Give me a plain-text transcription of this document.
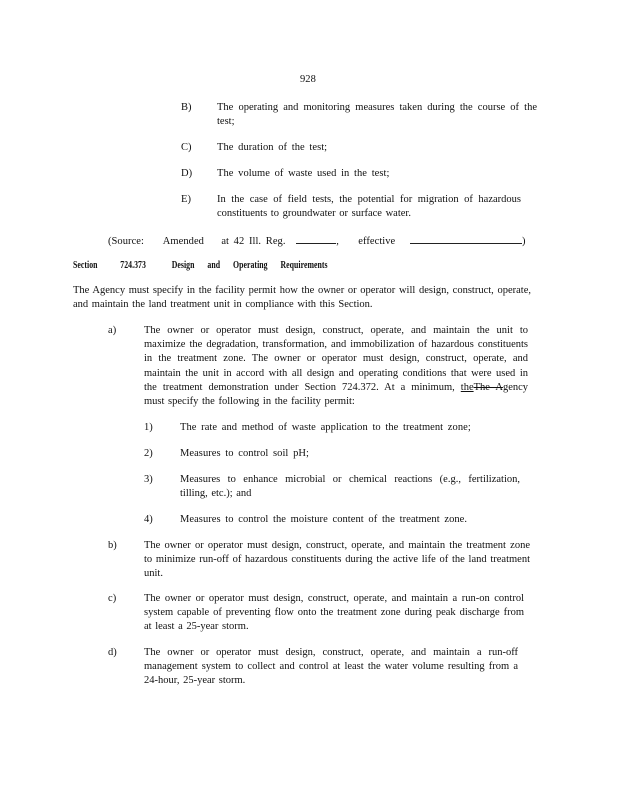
928
B) The operating and monitoring measures taken during the course of the test;
C) The duration of the test;
D) The volume of waste used in the test;
E) In the case of field tests, the potential for migration of hazardous constituents to groundwater or surface water.
(Source: Amended at 42 Ill. Reg.	, effective	)
Section 724.373	Design and Operating Requirements
The Agency must specify in the facility permit how the owner or operator will design, construct, operate, and maintain the land treatment unit in compliance with this Section.
a)	The owner or operator must design, construct, operate, and maintain the unit to maximize the degradation, transformation, and immobilization of hazardous constituents in the treatment zone. The owner or operator must design, construct, operate, and maintain the unit in accord with all design and operating conditions that were used in the treatment demonstration under Section 724.372. At a minimum, theThe Agency must specify the following in the facility permit:
1)	The rate and method of waste application to the treatment zone;
2)	Measures to control soil pH;
3)	Measures to enhance microbial or chemical reactions (e.g., fertilization, tilling, etc.); and
4)	Measures to control the moisture content of the treatment zone.
b)	The owner or operator must design, construct, operate, and maintain the treatment zone to minimize run-off of hazardous constituents during the active life of the land treatment unit.
c)	The owner or operator must design, construct, operate, and maintain a run-on control system capable of preventing flow onto the treatment zone during peak discharge from at least a 25-year storm.
d)	The owner or operator must design, construct, operate, and maintain a run-off management system to collect and control at least the water volume resulting from a 24-hour, 25-year storm.
